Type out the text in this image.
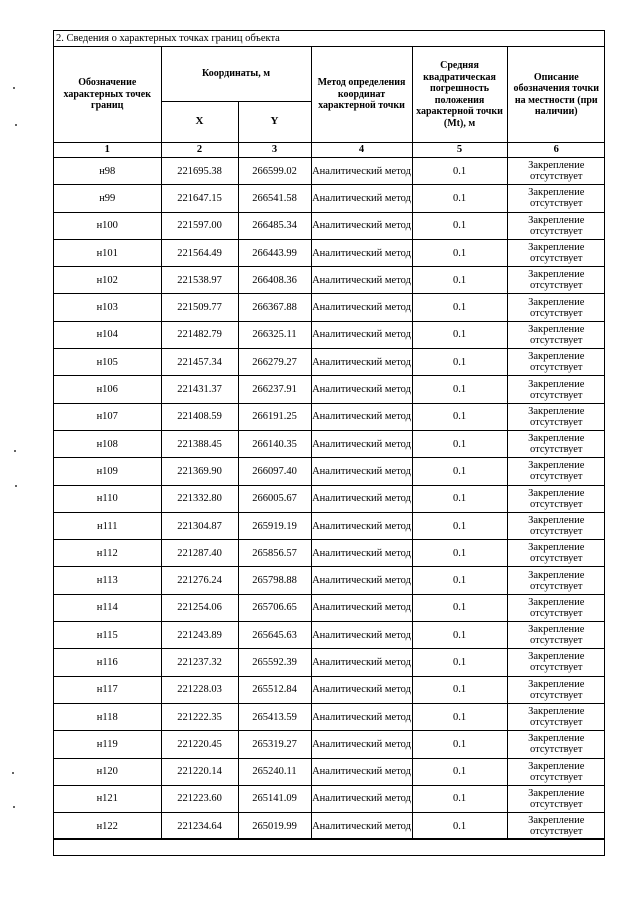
2. Сведения о характерных точках границ объекта
Обозначение характерных точек границ	Координаты, м		Метод определения координат характерной точки	Средняя квадратическая погрешность положения характерной точки (Mt), м	Описание обозначения точки на местности (при наличии)
	X	Y			
1	2	3	4	5	6
н98	221695.38	266599.02	Аналитический метод	0.1	Закрепление отсутствует
н99	221647.15	266541.58	Аналитический метод	0.1	Закрепление отсутствует
н100	221597.00	266485.34	Аналитический метод	0.1	Закрепление отсутствует
н101	221564.49	266443.99	Аналитический метод	0.1	Закрепление отсутствует
н102	221538.97	266408.36	Аналитический метод	0.1	Закрепление отсутствует
н103	221509.77	266367.88	Аналитический метод	0.1	Закрепление отсутствует
н104	221482.79	266325.11	Аналитический метод	0.1	Закрепление отсутствует
н105	221457.34	266279.27	Аналитический метод	0.1	Закрепление отсутствует
н106	221431.37	266237.91	Аналитический метод	0.1	Закрепление отсутствует
н107	221408.59	266191.25	Аналитический метод	0.1	Закрепление отсутствует
н108	221388.45	266140.35	Аналитический метод	0.1	Закрепление отсутствует
н109	221369.90	266097.40	Аналитический метод	0.1	Закрепление отсутствует
н110	221332.80	266005.67	Аналитический метод	0.1	Закрепление отсутствует
н111	221304.87	265919.19	Аналитический метод	0.1	Закрепление отсутствует
н112	221287.40	265856.57	Аналитический метод	0.1	Закрепление отсутствует
н113	221276.24	265798.88	Аналитический метод	0.1	Закрепление отсутствует
н114	221254.06	265706.65	Аналитический метод	0.1	Закрепление отсутствует
н115	221243.89	265645.63	Аналитический метод	0.1	Закрепление отсутствует
н116	221237.32	265592.39	Аналитический метод	0.1	Закрепление отсутствует
н117	221228.03	265512.84	Аналитический метод	0.1	Закрепление отсутствует
н118	221222.35	265413.59	Аналитический метод	0.1	Закрепление отсутствует
н119	221220.45	265319.27	Аналитический метод	0.1	Закрепление отсутствует
н120	221220.14	265240.11	Аналитический метод	0.1	Закрепление отсутствует
н121	221223.60	265141.09	Аналитический метод	0.1	Закрепление отсутствует
н122	221234.64	265019.99	Аналитический метод	0.1	Закрепление отсутствует
